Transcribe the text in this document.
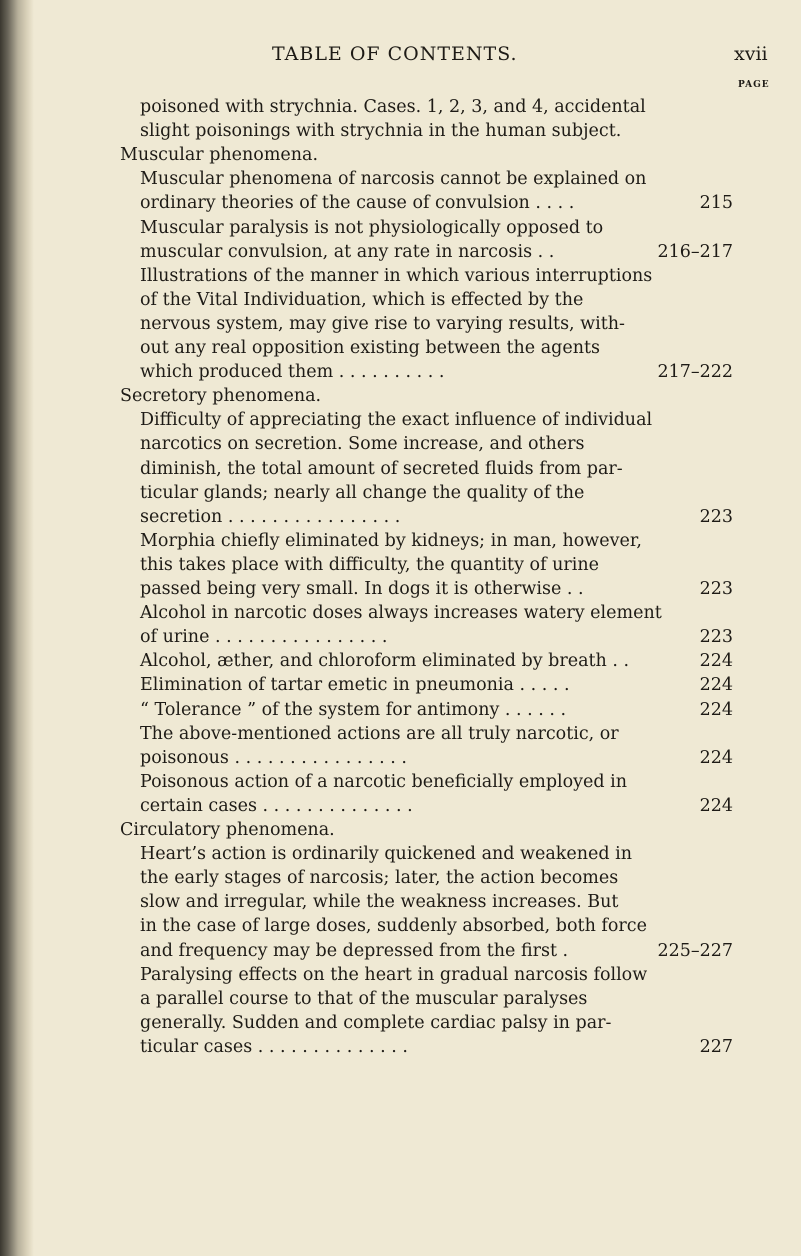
TABLE OF CONTENTS.	xvii
PAGE
poisoned with strychnia. Cases. 1, 2, 3, and 4, accidental
slight poisonings with strychnia in the human subject.
Muscular phenomena.
Muscular phenomena of narcosis cannot be explained on
ordinary theories of the cause of convulsion . . . .	215
Muscular paralysis is not physiologically opposed to
muscular convulsion, at any rate in narcosis . .	216–217
Illustrations of the manner in which various interruptions
of the Vital Individuation, which is effected by the
nervous system, may give rise to varying results, with-
out any real opposition existing between the agents
which produced them . . . . . . . . . .	217–222
Secretory phenomena.
Difficulty of appreciating the exact influence of individual
narcotics on secretion. Some increase, and others
diminish, the total amount of secreted fluids from par-
ticular glands; nearly all change the quality of the
secretion . . . . . . . . . . . . . . . .	223
Morphia chiefly eliminated by kidneys; in man, however,
this takes place with difficulty, the quantity of urine
passed being very small. In dogs it is otherwise . .	223
Alcohol in narcotic doses always increases watery element
of urine . . . . . . . . . . . . . . . .	223
Alcohol, æther, and chloroform eliminated by breath . .	224
Elimination of tartar emetic in pneumonia . . . . .	224
“ Tolerance ” of the system for antimony . . . . . .	224
The above-mentioned actions are all truly narcotic, or
poisonous . . . . . . . . . . . . . . . .	224
Poisonous action of a narcotic beneficially employed in
certain cases . . . . . . . . . . . . . .	224
Circulatory phenomena.
Heart’s action is ordinarily quickened and weakened in
the early stages of narcosis; later, the action becomes
slow and irregular, while the weakness increases. But
in the case of large doses, suddenly absorbed, both force
and frequency may be depressed from the first .	225–227
Paralysing effects on the heart in gradual narcosis follow
a parallel course to that of the muscular paralyses
generally. Sudden and complete cardiac palsy in par-
ticular cases . . . . . . . . . . . . . .	227
